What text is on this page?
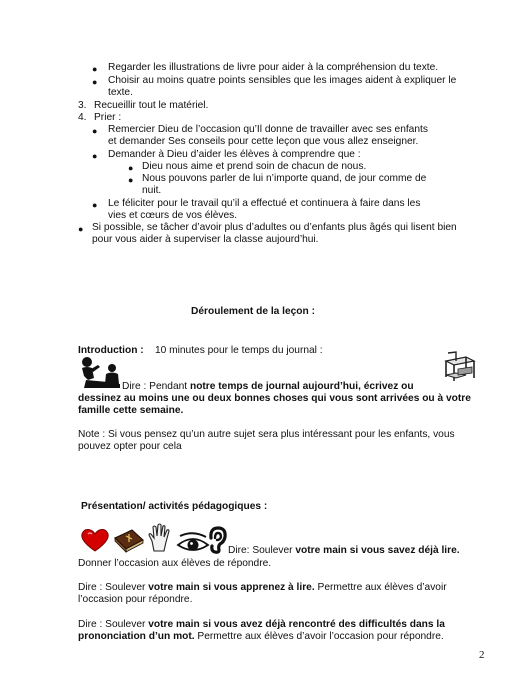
● Regarder les illustrations de livre pour aider à la compréhension du texte.
● Choisir au moins quatre points sensibles que les images aident à expliquer le
texte.
3. Recueillir tout le matériel.
4. Prier :
● Remercier Dieu de l’occasion qu’Il donne de travailler avec ses enfants
et demander Ses conseils pour cette leçon que vous allez enseigner.
● Demander à Dieu d’aider les élèves à comprendre que :
● Dieu nous aime et prend soin de chacun de nous.
● Nous pouvons parler de lui n’importe quand, de jour comme de
nuit.
● Le féliciter pour le travail qu’il a effectué et continuera à faire dans les
vies et cœurs de vos élèves.
● Si possible, se tâcher d’avoir plus d’adultes ou d’enfants plus âgés qui lisent bien
pour vous aider à superviser la classe aujourd’hui.
Déroulement de la leçon :
Introduction : 10 minutes pour le temps du journal :
Dire : Pendant notre temps de journal aujourd’hui, écrivez ou
dessinez au moins une ou deux bonnes choses qui vous sont arrivées ou à votre
famille cette semaine.
Note : Si vous pensez qu’un autre sujet sera plus intéressant pour les enfants, vous
pouvez opter pour cela
Présentation/ activités pédagogiques :
Dire: Soulever votre main si vous savez déjà lire.
Donner l’occasion aux élèves de répondre.
Dire : Soulever votre main si vous apprenez à lire. Permettre aux élèves d’avoir
l’occasion pour répondre.
Dire : Soulever votre main si vous avez déjà rencontré des difficultés dans la
prononciation d’un mot. Permettre aux élèves d’avoir l’occasion pour répondre.
2
